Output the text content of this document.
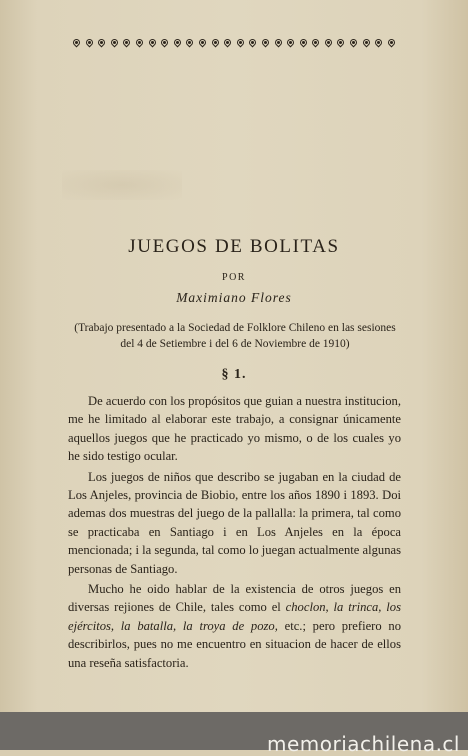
JUEGOS DE BOLITAS
POR
Maximiano Flores
(Trabajo presentado a la Sociedad de Folklore Chileno en las sesiones
del 4 de Setiembre i del 6 de Noviembre de 1910)
§ 1.

De acuerdo con los propósitos que guian a nuestra institucion, me he limitado al elaborar este trabajo, a consignar únicamente aquellos juegos que he practicado yo mismo, o de los cuales yo he sido testigo ocular.

Los juegos de niños que describo se jugaban en la ciudad de Los Anjeles, provincia de Biobio, entre los años 1890 i 1893. Doi ademas dos muestras del juego de la pallalla: la primera, tal como se practicaba en Santiago i en Los Anjeles en la época mencionada; i la segunda, tal como lo juegan actualmente algunas personas de Santiago.

Mucho he oido hablar de la existencia de otros juegos en diversas rejiones de Chile, tales como el choclon, la trinca, los ejércitos, la batalla, la troya de pozo, etc.; pero prefiero no describirlos, pues no me encuentro en situacion de hacer de ellos una reseña satisfactoria.

memoriachilena.cl
